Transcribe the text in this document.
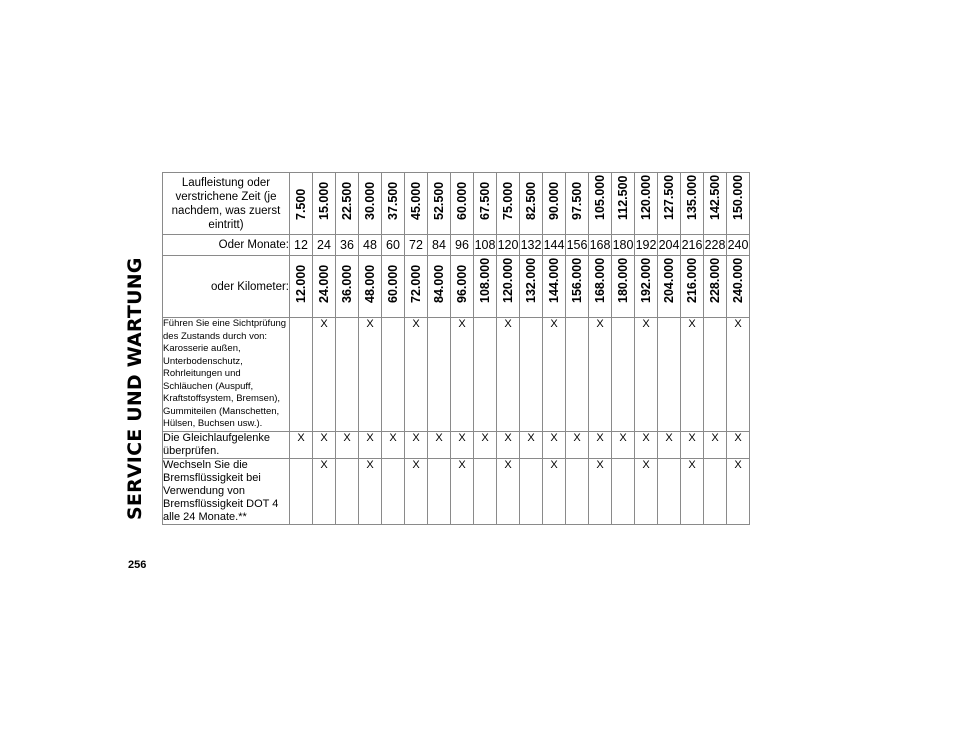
SERVICE UND WARTUNG
Laufleistung oder verstrichene Zeit (je nachdem, was zuerst eintritt)	7.500	15.000	22.500	30.000	37.500	45.000	52.500	60.000	67.500	75.000	82.500	90.000	97.500	105.000	112.500	120.000	127.500	135.000	142.500	150.000

Oder Monate:	12	24	36	48	60	72	84	96	108	120	132	144	156	168	180	192	204	216	228	240
oder Kilometer:	12.000	24.000	36.000	48.000	60.000	72.000	84.000	96.000	108.000	120.000	132.000	144.000	156.000	168.000	180.000	192.000	204.000	216.000	228.000	240.000

Führen Sie eine Sichtprüfung des Zustands durch von: Karosserie außen, Unterbodenschutz, Rohrleitungen und Schläuchen (Auspuff, Kraftstoffsystem, Bremsen), Gummiteilen (Manschetten, Hülsen, Buchsen usw.).		X		X		X		X		X		X		X		X		X		X
Die Gleichlaufgelenke überprüfen.	X	X	X	X	X	X	X	X	X	X	X	X	X	X	X	X	X	X	X	X
Wechseln Sie die Bremsflüssigkeit bei Verwendung von Bremsflüssigkeit DOT 4 alle 24 Monate.**		X		X		X		X		X		X		X		X		X		X
256
